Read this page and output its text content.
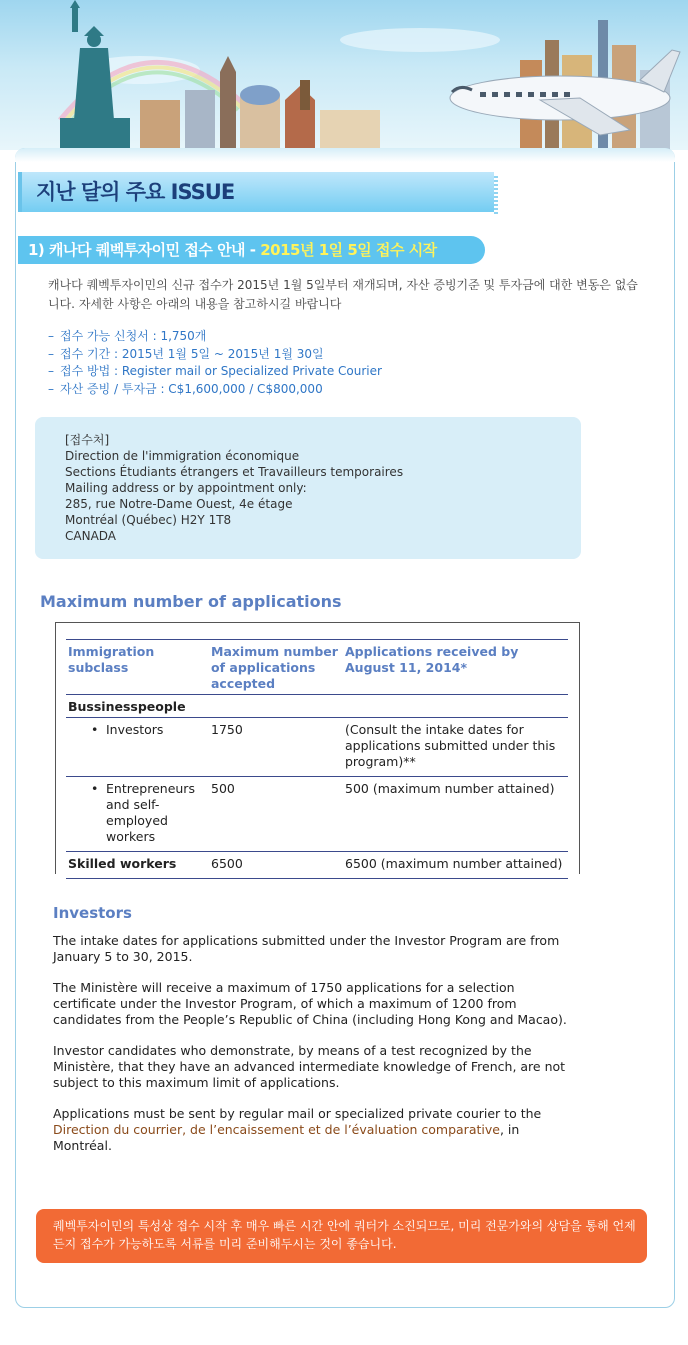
지난 달의 주요 ISSUE
1) 캐나다 퀘벡투자이민 접수 안내 - 2015년 1일 5일 접수 시작
캐나다 퀘벡투자이민의 신규 접수가 2015년 1월 5일부터 재개되며, 자산 증빙기준 및 투자금에 대한 변동은 없습니다. 자세한 사항은 아래의 내용을 참고하시길 바랍니다
– 접수 가능 신청서 : 1,750개
– 접수 기간 : 2015년 1월 5일 ~ 2015년 1월 30일
– 접수 방법 : Register mail or Specialized Private Courier
– 자산 증빙 / 투자금 : C$1,600,000 / C$800,000
[접수처]
Direction de l'immigration économique
Sections Étudiants étrangers et Travailleurs temporaires
Mailing address or by appointment only:
285, rue Notre-Dame Ouest, 4e étage
Montréal (Québec) H2Y 1T8
CANADA
Maximum number of applications
Immigration subclass	Maximum number of applications accepted	Applications received by August 11, 2014*
Bussinesspeople		
• Investors	1750	(Consult the intake dates for applications submitted under this program)**
• Entrepreneurs and self-employed workers	500	500 (maximum number attained)
Skilled workers	6500	6500 (maximum number attained)
Investors

The intake dates for applications submitted under the Investor Program are from January 5 to 30, 2015.

The Ministère will receive a maximum of 1750 applications for a selection certificate under the Investor Program, of which a maximum of 1200 from candidates from the People’s Republic of China (including Hong Kong and Macao).

Investor candidates who demonstrate, by means of a test recognized by the Ministère, that they have an advanced intermediate knowledge of French, are not subject to this maximum limit of applications.

Applications must be sent by regular mail or specialized private courier to the Direction du courrier, de l’encaissement et de l’évaluation comparative, in Montréal.

퀘벡투자이민의 특성상 접수 시작 후 매우 빠른 시간 안에 쿼터가 소진되므로, 미리 전문가와의 상담을 통해 언제든지 접수가 가능하도록 서류를 미리 준비해두시는 것이 좋습니다.
